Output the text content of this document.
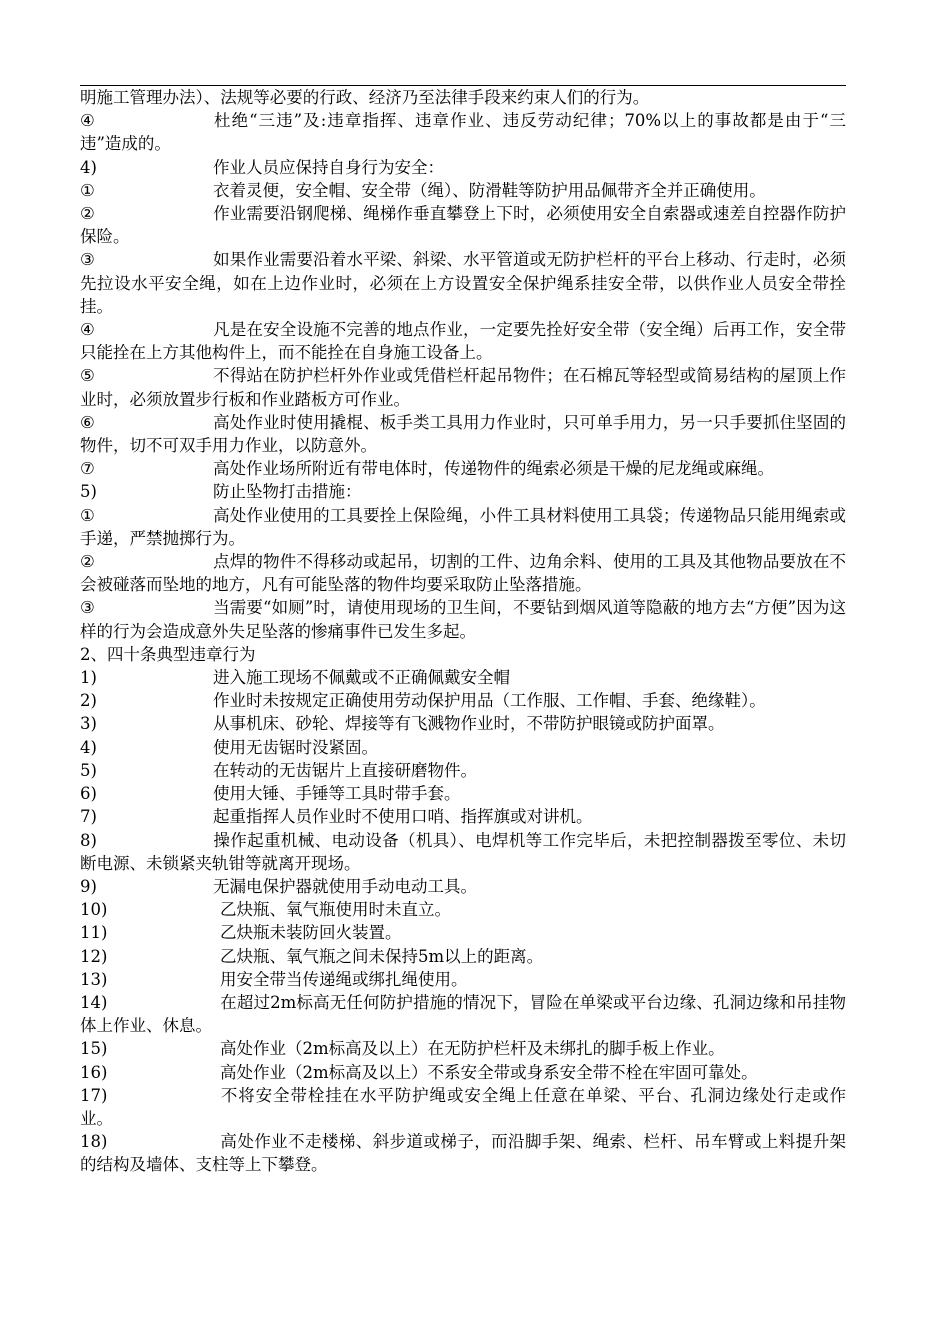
明施工管理办法）、法规等必要的行政、经济乃至法律手段来约束人们的行为。

④	杜绝“三违”及:违章指挥、违章作业、违反劳动纪律；70%以上的事故都是由于“三违”造成的。

4)	作业人员应保持自身行为安全：

①	衣着灵便，安全帽、安全带（绳）、防滑鞋等防护用品佩带齐全并正确使用。

②	作业需要沿钢爬梯、绳梯作垂直攀登上下时，必须使用安全自索器或速差自控器作防护保险。

③	如果作业需要沿着水平梁、斜梁、水平管道或无防护栏杆的平台上移动、行走时，必须先拉设水平安全绳，如在上边作业时，必须在上方设置安全保护绳系挂安全带，以供作业人员安全带拴挂。

④	凡是在安全设施不完善的地点作业，一定要先拴好安全带（安全绳）后再工作，安全带只能拴在上方其他构件上，而不能拴在自身施工设备上。

⑤	不得站在防护栏杆外作业或凭借栏杆起吊物件；在石棉瓦等轻型或简易结构的屋顶上作业时，必须放置步行板和作业踏板方可作业。

⑥	高处作业时使用撬棍、板手类工具用力作业时，只可单手用力，另一只手要抓住坚固的物件，切不可双手用力作业，以防意外。

⑦	高处作业场所附近有带电体时，传递物件的绳索必须是干燥的尼龙绳或麻绳。

5)	防止坠物打击措施：

①	高处作业使用的工具要拴上保险绳，小件工具材料使用工具袋；传递物品只能用绳索或手递，严禁抛掷行为。

②	点焊的物件不得移动或起吊，切割的工件、边角余料、使用的工具及其他物品要放在不会被碰落而坠地的地方，凡有可能坠落的物件均要采取防止坠落措施。

③	当需要“如厕”时，请使用现场的卫生间，不要钻到烟风道等隐蔽的地方去“方便”因为这样的行为会造成意外失足坠落的惨痛事件已发生多起。

2、四十条典型违章行为

1)	进入施工现场不佩戴或不正确佩戴安全帽

2)	作业时未按规定正确使用劳动保护用品（工作服、工作帽、手套、绝缘鞋）。

3)	从事机床、砂轮、焊接等有飞溅物作业时，不带防护眼镜或防护面罩。

4)	使用无齿锯时没紧固。

5)	在转动的无齿锯片上直接研磨物件。

6)	使用大锤、手锤等工具时带手套。

7)	起重指挥人员作业时不使用口哨、指挥旗或对讲机。

8)	操作起重机械、电动设备（机具）、电焊机等工作完毕后，未把控制器拨至零位、未切断电源、未锁紧夹轨钳等就离开现场。

9)	无漏电保护器就使用手动电动工具。

10)	乙炔瓶、氧气瓶使用时未直立。

11)	乙炔瓶未装防回火装置。

12)	乙炔瓶、氧气瓶之间未保持5m以上的距离。

13)	用安全带当传递绳或绑扎绳使用。

14)	在超过2m标高无任何防护措施的情况下，冒险在单梁或平台边缘、孔洞边缘和吊挂物体上作业、休息。

15)	高处作业（2m标高及以上）在无防护栏杆及未绑扎的脚手板上作业。

16)	高处作业（2m标高及以上）不系安全带或身系安全带不栓在牢固可靠处。

17)	不将安全带栓挂在水平防护绳或安全绳上任意在单梁、平台、孔洞边缘处行走或作业。

18)	高处作业不走楼梯、斜步道或梯子，而沿脚手架、绳索、栏杆、吊车臂或上料提升架的结构及墙体、支柱等上下攀登。
